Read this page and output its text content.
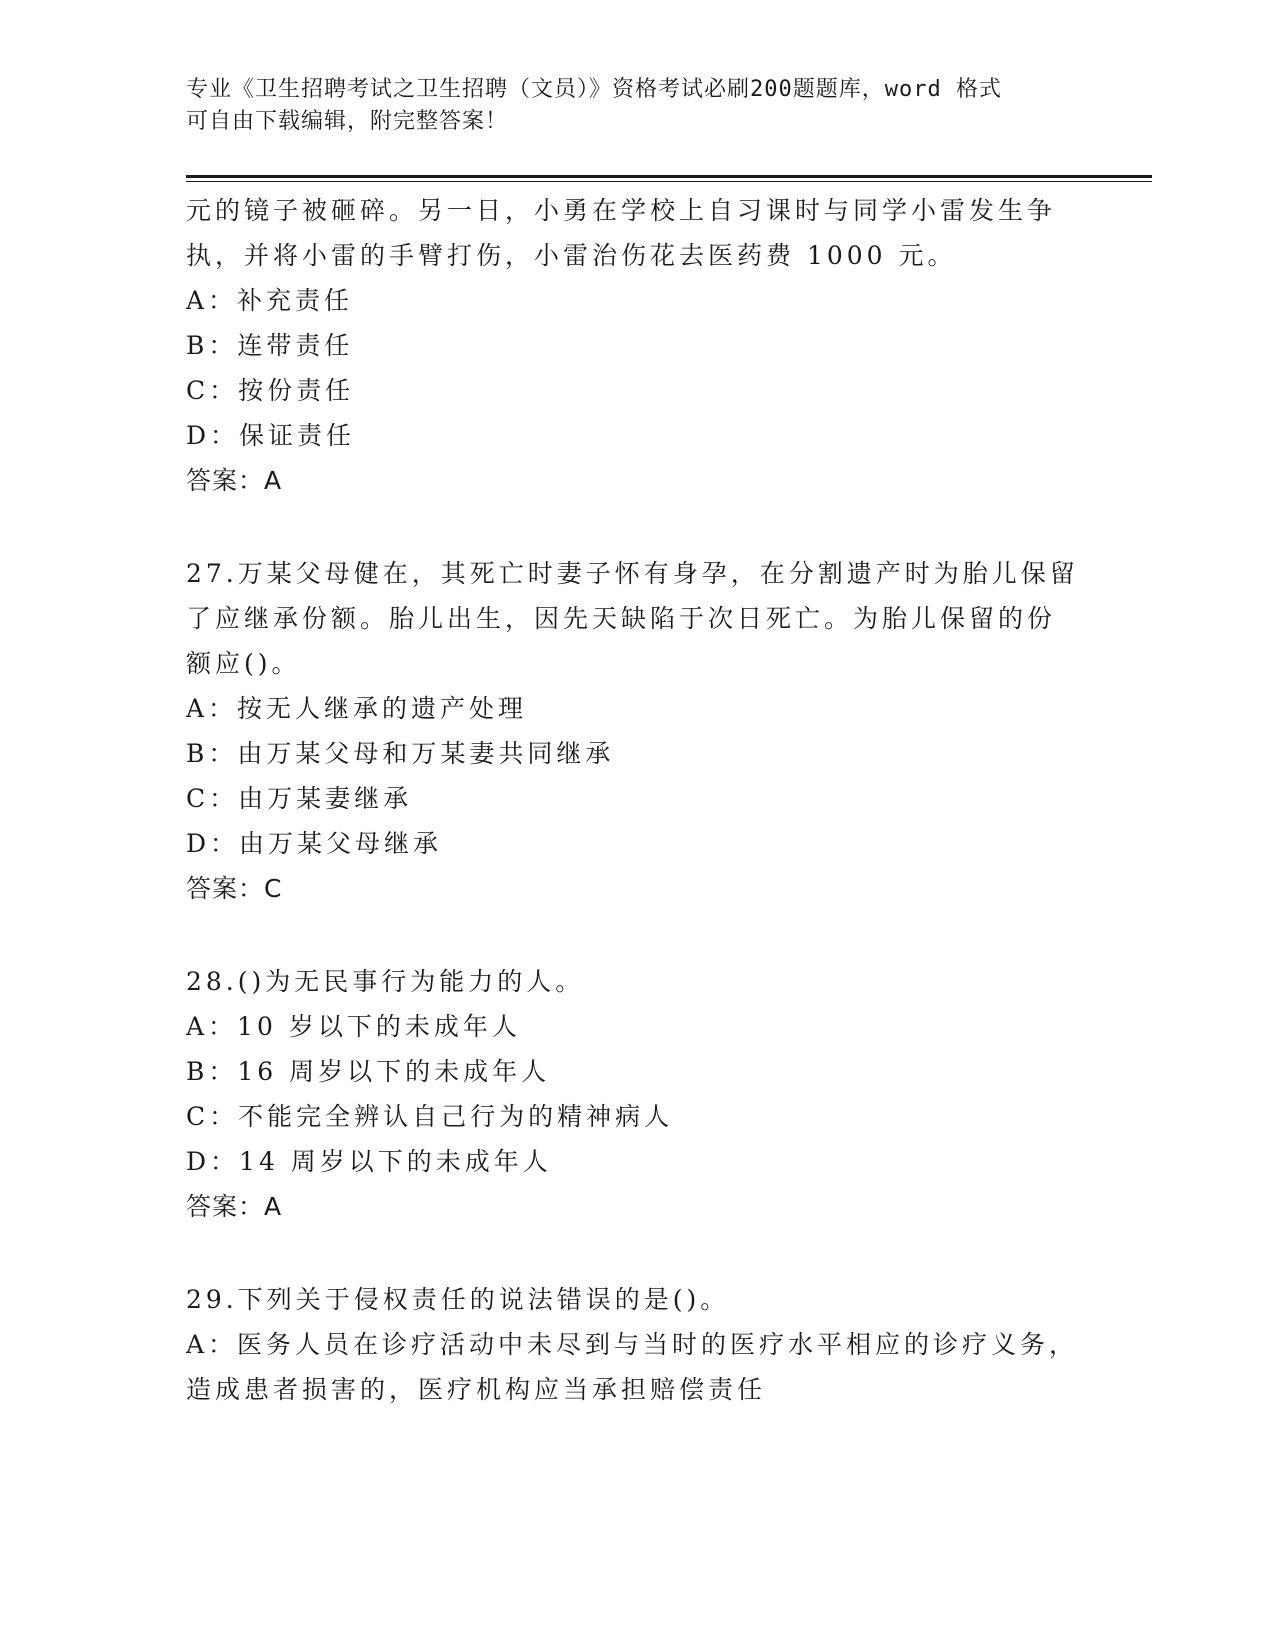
专业《卫生招聘考试之卫生招聘（文员）》资格考试必刷200题题库，word 格式
可自由下载编辑，附完整答案！
元的镜子被砸碎。另一日，小勇在学校上自习课时与同学小雷发生争
执，并将小雷的手臂打伤，小雷治伤花去医药费 1000 元。
A：补充责任
B：连带责任
C：按份责任
D：保证责任
答案：A
27.万某父母健在，其死亡时妻子怀有身孕，在分割遗产时为胎儿保留
了应继承份额。胎儿出生，因先天缺陷于次日死亡。为胎儿保留的份
额应()。
A：按无人继承的遗产处理
B：由万某父母和万某妻共同继承
C：由万某妻继承
D：由万某父母继承
答案：C
28.()为无民事行为能力的人。
A：10 岁以下的未成年人
B：16 周岁以下的未成年人
C：不能完全辨认自己行为的精神病人
D：14 周岁以下的未成年人
答案：A
29.下列关于侵权责任的说法错误的是()。
A：医务人员在诊疗活动中未尽到与当时的医疗水平相应的诊疗义务，
造成患者损害的，医疗机构应当承担赔偿责任
